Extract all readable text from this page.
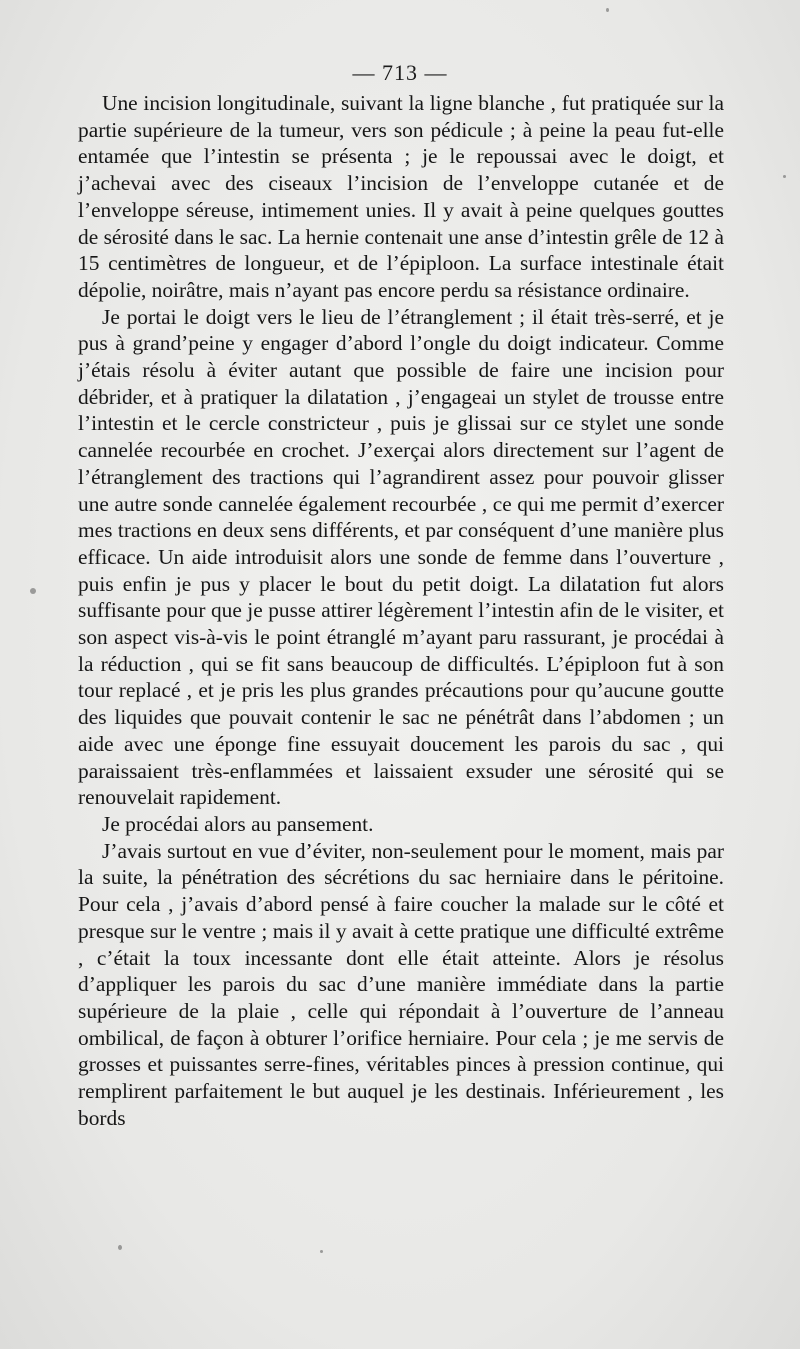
— 713 —

Une incision longitudinale, suivant la ligne blanche , fut pratiquée sur la partie supérieure de la tumeur, vers son pédicule ; à peine la peau fut-elle entamée que l’intestin se présenta ; je le repoussai avec le doigt, et j’achevai avec des ciseaux l’incision de l’enveloppe cutanée et de l’enveloppe séreuse, intimement unies. Il y avait à peine quelques gouttes de sérosité dans le sac. La hernie contenait une anse d’intestin grêle de 12 à 15 centimètres de longueur, et de l’épiploon. La surface intestinale était dépolie, noirâtre, mais n’ayant pas encore perdu sa résistance ordinaire.

Je portai le doigt vers le lieu de l’étranglement ; il était très-serré, et je pus à grand’peine y engager d’abord l’ongle du doigt indicateur. Comme j’étais résolu à éviter autant que possible de faire une incision pour débrider, et à pratiquer la dilatation , j’engageai un stylet de trousse entre l’intestin et le cercle constricteur , puis je glissai sur ce stylet une sonde cannelée recourbée en crochet. J’exerçai alors directement sur l’agent de l’étranglement des tractions qui l’agrandirent assez pour pouvoir glisser une autre sonde cannelée également recourbée , ce qui me permit d’exercer mes tractions en deux sens différents, et par conséquent d’une manière plus efficace. Un aide introduisit alors une sonde de femme dans l’ouverture , puis enfin je pus y placer le bout du petit doigt. La dilatation fut alors suffisante pour que je pusse attirer légèrement l’intestin afin de le visiter, et son aspect vis-à-vis le point étranglé m’ayant paru rassurant, je procédai à la réduction , qui se fit sans beaucoup de difficultés. L’épiploon fut à son tour replacé , et je pris les plus grandes précautions pour qu’aucune goutte des liquides que pouvait contenir le sac ne pénétrât dans l’abdomen ; un aide avec une éponge fine essuyait doucement les parois du sac , qui paraissaient très-enflammées et laissaient exsuder une sérosité qui se renouvelait rapidement.

Je procédai alors au pansement.

J’avais surtout en vue d’éviter, non-seulement pour le moment, mais par la suite, la pénétration des sécrétions du sac herniaire dans le péritoine. Pour cela , j’avais d’abord pensé à faire coucher la malade sur le côté et presque sur le ventre ; mais il y avait à cette pratique une difficulté extrême , c’était la toux incessante dont elle était atteinte. Alors je résolus d’appliquer les parois du sac d’une manière immédiate dans la partie supérieure de la plaie , celle qui répondait à l’ouverture de l’anneau ombilical, de façon à obturer l’orifice herniaire. Pour cela ; je me servis de grosses et puissantes serre-fines, véritables pinces à pression continue, qui remplirent parfaitement le but auquel je les destinais. Inférieurement , les bords
